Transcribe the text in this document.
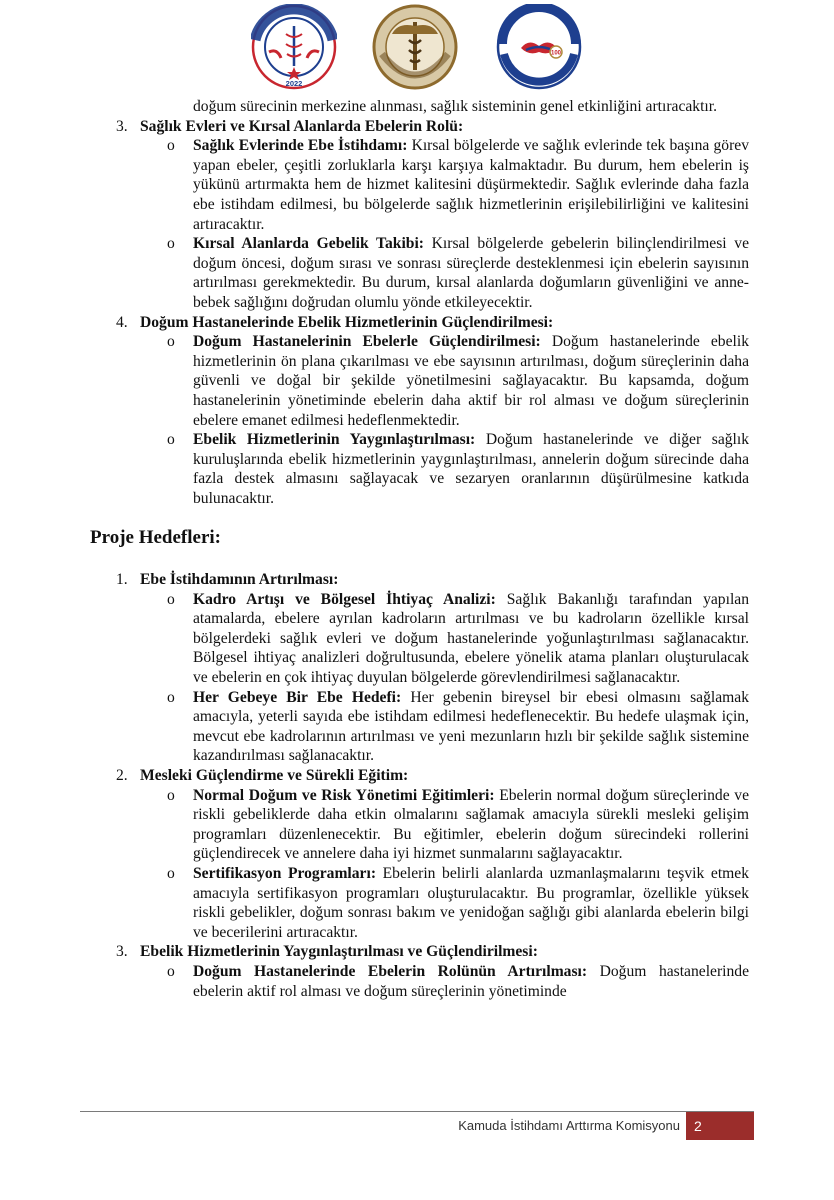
2022
100
doğum sürecinin merkezine alınması, sağlık sisteminin genel etkinliğini artıracaktır.
3. Sağlık Evleri ve Kırsal Alanlarda Ebelerin Rolü:
o Sağlık Evlerinde Ebe İstihdamı: Kırsal bölgelerde ve sağlık evlerinde tek başına görev yapan ebeler, çeşitli zorluklarla karşı karşıya kalmaktadır. Bu durum, hem ebelerin iş yükünü artırmakta hem de hizmet kalitesini düşürmektedir. Sağlık evlerinde daha fazla ebe istihdam edilmesi, bu bölgelerde sağlık hizmetlerinin erişilebilirliğini ve kalitesini artıracaktır.
o Kırsal Alanlarda Gebelik Takibi: Kırsal bölgelerde gebelerin bilinçlendirilmesi ve doğum öncesi, doğum sırası ve sonrası süreçlerde desteklenmesi için ebelerin sayısının artırılması gerekmektedir. Bu durum, kırsal alanlarda doğumların güvenliğini ve anne-bebek sağlığını doğrudan olumlu yönde etkileyecektir.
4. Doğum Hastanelerinde Ebelik Hizmetlerinin Güçlendirilmesi:
o Doğum Hastanelerinin Ebelerle Güçlendirilmesi: Doğum hastanelerinde ebelik hizmetlerinin ön plana çıkarılması ve ebe sayısının artırılması, doğum süreçlerinin daha güvenli ve doğal bir şekilde yönetilmesini sağlayacaktır. Bu kapsamda, doğum hastanelerinin yönetiminde ebelerin daha aktif bir rol alması ve doğum süreçlerinin ebelere emanet edilmesi hedeflenmektedir.
o Ebelik Hizmetlerinin Yaygınlaştırılması: Doğum hastanelerinde ve diğer sağlık kuruluşlarında ebelik hizmetlerinin yaygınlaştırılması, annelerin doğum sürecinde daha fazla destek almasını sağlayacak ve sezaryen oranlarının düşürülmesine katkıda bulunacaktır.
Proje Hedefleri:
1. Ebe İstihdamının Artırılması:
o Kadro Artışı ve Bölgesel İhtiyaç Analizi: Sağlık Bakanlığı tarafından yapılan atamalarda, ebelere ayrılan kadroların artırılması ve bu kadroların özellikle kırsal bölgelerdeki sağlık evleri ve doğum hastanelerinde yoğunlaştırılması sağlanacaktır. Bölgesel ihtiyaç analizleri doğrultusunda, ebelere yönelik atama planları oluşturulacak ve ebelerin en çok ihtiyaç duyulan bölgelerde görevlendirilmesi sağlanacaktır.
o Her Gebeye Bir Ebe Hedefi: Her gebenin bireysel bir ebesi olmasını sağlamak amacıyla, yeterli sayıda ebe istihdam edilmesi hedeflenecektir. Bu hedefe ulaşmak için, mevcut ebe kadrolarının artırılması ve yeni mezunların hızlı bir şekilde sağlık sistemine kazandırılması sağlanacaktır.
2. Mesleki Güçlendirme ve Sürekli Eğitim:
o Normal Doğum ve Risk Yönetimi Eğitimleri: Ebelerin normal doğum süreçlerinde ve riskli gebeliklerde daha etkin olmalarını sağlamak amacıyla sürekli mesleki gelişim programları düzenlenecektir. Bu eğitimler, ebelerin doğum sürecindeki rollerini güçlendirecek ve annelere daha iyi hizmet sunmalarını sağlayacaktır.
o Sertifikasyon Programları: Ebelerin belirli alanlarda uzmanlaşmalarını teşvik etmek amacıyla sertifikasyon programları oluşturulacaktır. Bu programlar, özellikle yüksek riskli gebelikler, doğum sonrası bakım ve yenidoğan sağlığı gibi alanlarda ebelerin bilgi ve becerilerini artıracaktır.
3. Ebelik Hizmetlerinin Yaygınlaştırılması ve Güçlendirilmesi:
o Doğum Hastanelerinde Ebelerin Rolünün Artırılması: Doğum hastanelerinde ebelerin aktif rol alması ve doğum süreçlerinin yönetiminde
Kamuda İstihdamı Arttırma Komisyonu	2
